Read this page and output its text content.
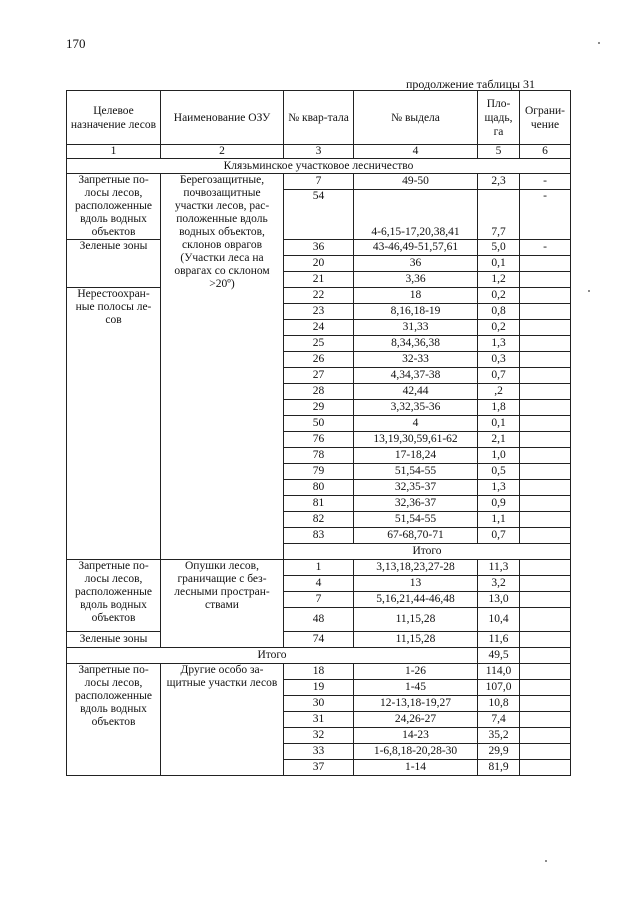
170
продолжение таблицы 31
Целевое назначение лесов	Наименование ОЗУ	№ квар-тала	№ выдела	Пло-щадь, га	Ограни-чение	
1	2	3	4	5	6	
Клязьминское участковое лесничество						
Запретные по-лосы лесов, расположенные вдоль водных объектов	Берегозащитные, почвозащитные участки лесов, рас-положенные вдоль водных объектов, склонов оврагов (Участки леса на оврагах со склоном >20º)	7	49-50	2,3	-	
		54	4-6,15-17,20,38,41	7,7	-	

Зеленые зоны		36	43-46,49-51,57,61	5,0	-	
		20	36	0,1		
		21	3,36	1,2		
Нерестоохран-ные полосы ле-сов		22	18	0,2		
		23	8,16,18-19	0,8		
		24	31,33	0,2		
		25	8,34,36,38	1,3		
		26	32-33	0,3		
		27	4,34,37-38	0,7		
		28	42,44	,2		
		29	3,32,35-36	1,8		
		50	4	0,1		
		76	13,19,30,59,61-62	2,1		
		78	17-18,24	1,0		
		79	51,54-55	0,5		
		80	32,35-37	1,3		
		81	32,36-37	0,9		
		82	51,54-55	1,1		
		83	67-68,70-71	0,7		
		Итого		
Запретные по-лосы лесов, расположенные вдоль водных объектов	Опушки лесов, граничащие с без-лесными простран-ствами	1	3,13,18,23,27-28	11,3		
		4	13	3,2		
		7	5,16,21,44-46,48	13,0		
		48	11,15,28	10,4		
Зеленые зоны		74	11,15,28	11,6		
Итого				49,5		
Запретные по-лосы лесов, расположенные вдоль водных объектов	Другие особо за-щитные участки лесов	18	1-26	114,0		
		19	1-45	107,0		
		30	12-13,18-19,27	10,8		
		31	24,26-27	7,4		
		32	14-23	35,2		
		33	1-6,8,18-20,28-30	29,9		
		37	1-14	81,9		
